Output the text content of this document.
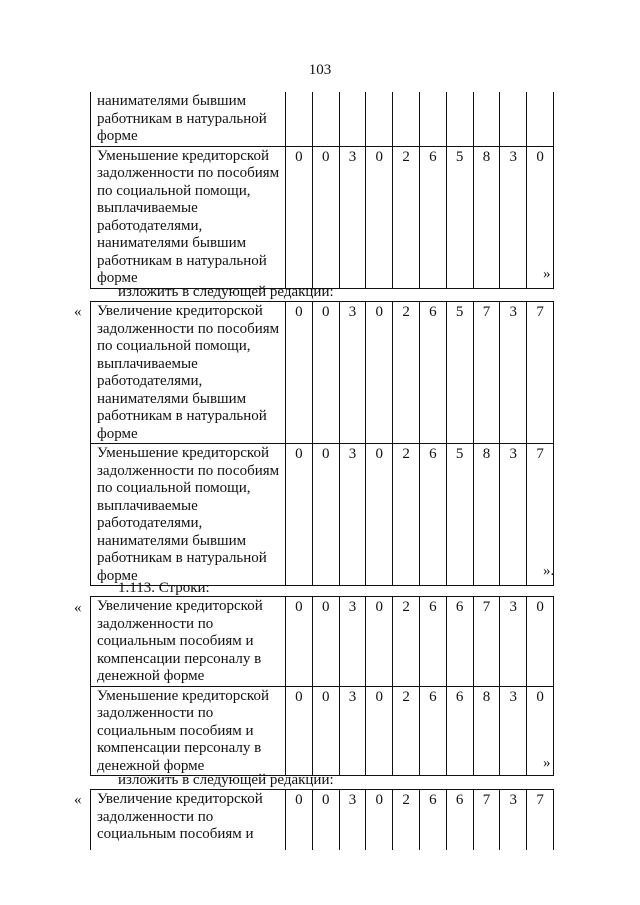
103
нанимателями бывшим работникам в натуральной форме										
Уменьшение кредиторской задолженности по пособиям по социальной помощи, выплачиваемые работодателями, нанимателями бывшим работникам в натуральной форме	0	0	3	0	2	6	5	8	3	0
»
изложить в следующей редакции:
« Увеличение кредиторской задолженности по пособиям по социальной помощи, выплачиваемые работодателями, нанимателями бывшим работникам в натуральной форме	0	0	3	0	2	6	5	7	3	7
Уменьшение кредиторской задолженности по пособиям по социальной помощи, выплачиваемые работодателями, нанимателями бывшим работникам в натуральной форме	0	0	3	0	2	6	5	8	3	7
».
1.113. Строки:
« Увеличение кредиторской задолженности по социальным пособиям и компенсации персоналу в денежной форме	0	0	3	0	2	6	6	7	3	0
Уменьшение кредиторской задолженности по социальным пособиям и компенсации персоналу в денежной форме	0	0	3	0	2	6	6	8	3	0
»
изложить в следующей редакции:
« Увеличение кредиторской задолженности по социальным пособиям и	0	0	3	0	2	6	6	7	3	7
